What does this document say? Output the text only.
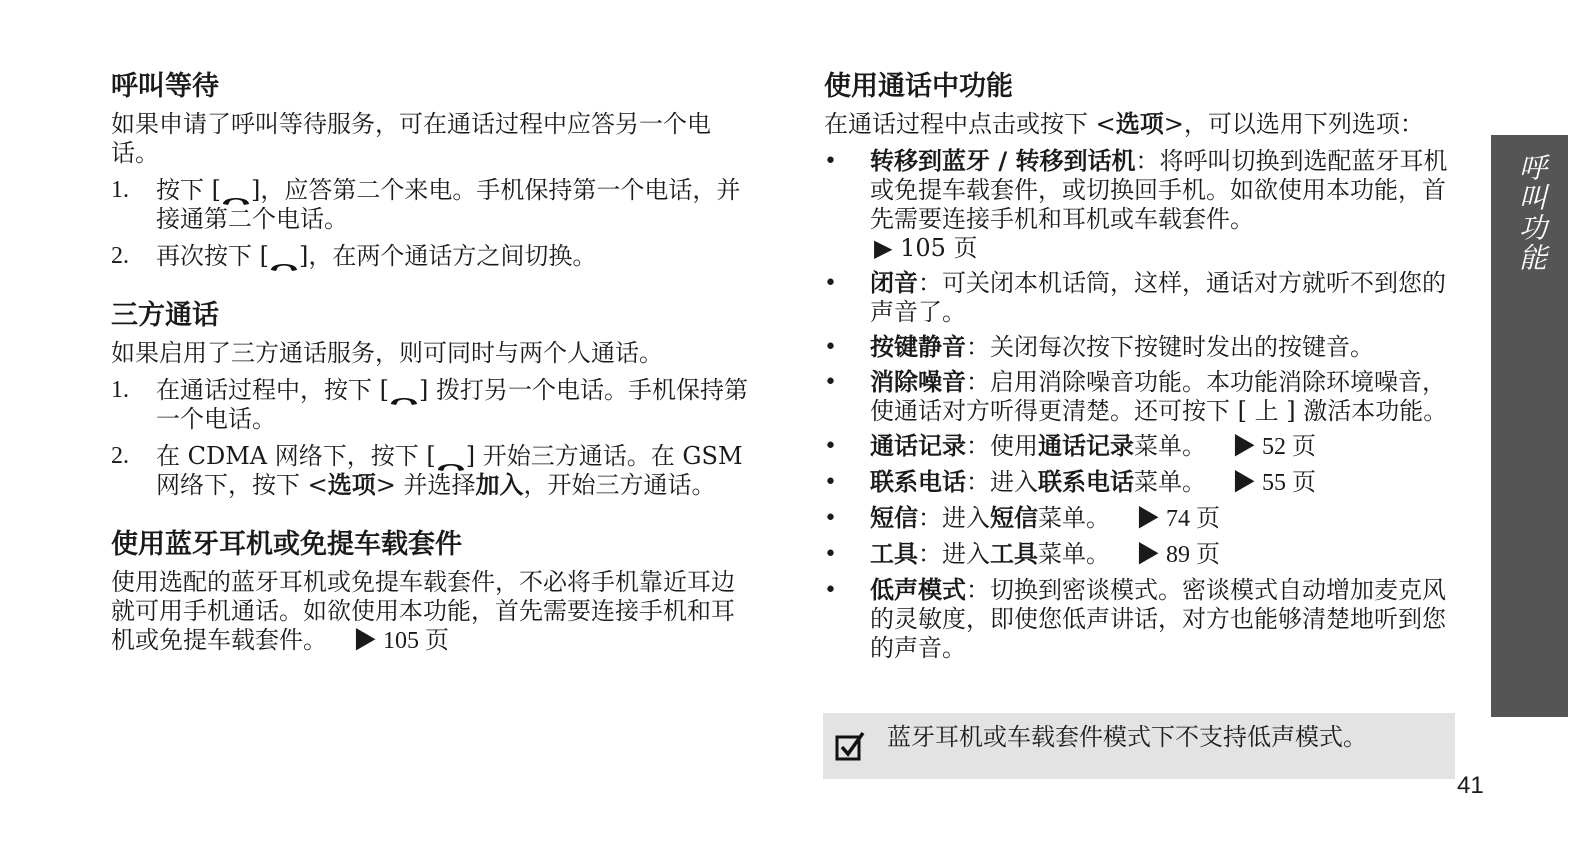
呼叫等待

如果申请了呼叫等待服务，可在通话过程中应答另一个电话。

1. 按下 [ ]，应答第二个来电。手机保持第一个电话，并接通第二个电话。
2. 再次按下 [ ]，在两个通话方之间切换。
三方通话

如果启用了三方通话服务，则可同时与两个人通话。

1. 在通话过程中，按下 [ ] 拨打另一个电话。手机保持第一个电话。
2. 在 CDMA 网络下，按下 [ ] 开始三方通话。在 GSM 网络下，按下 <选项> 并选择加入，开始三方通话。
使用蓝牙耳机或免提车载套件

使用选配的蓝牙耳机或免提车载套件，不必将手机靠近耳边就可用手机通话。如欲使用本功能，首先需要连接手机和耳机或免提车载套件。 ▶ 105 页

使用通话中功能

在通话过程中点击或按下 <选项>，可以选用下列选项：

• 转移到蓝牙 / 转移到话机：将呼叫切换到选配蓝牙耳机或免提车载套件，或切换回手机。如欲使用本功能，首先需要连接手机和耳机或车载套件。
▶ 105 页
• 闭音：可关闭本机话筒，这样，通话对方就听不到您的声音了。
• 按键静音：关闭每次按下按键时发出的按键音。
• 消除噪音：启用消除噪音功能。本功能消除环境噪音，使通话对方听得更清楚。还可按下 [ 上 ] 激活本功能。
• 通话记录：使用通话记录菜单。 ▶ 52 页
• 联系电话：进入联系电话菜单。 ▶ 55 页
• 短信：进入短信菜单。 ▶ 74 页
• 工具：进入工具菜单。 ▶ 89 页
• 低声模式：切换到密谈模式。密谈模式自动增加麦克风的灵敏度，即使您低声讲话，对方也能够清楚地听到您的声音。
蓝牙耳机或车载套件模式下不支持低声模式。
呼叫功能
41
